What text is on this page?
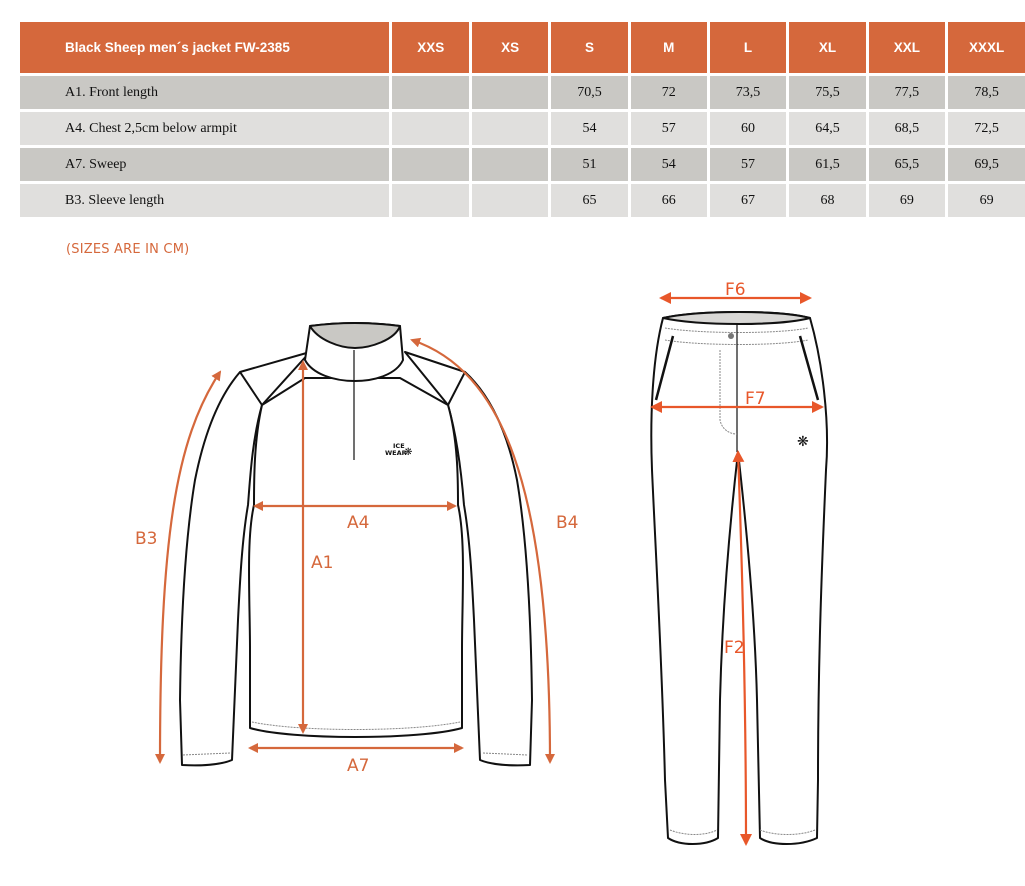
Black Sheep men´s jacket FW-2385	XXS	XS	S	M	L	XL	XXL	XXXL
A1. Front length			70,5	72	73,5	75,5	77,5	78,5
A4. Chest 2,5cm below armpit			54	57	60	64,5	68,5	72,5
A7. Sweep			51	54	57	61,5	65,5	69,5
B3. Sleeve length			65	66	67	68	69	69
(SIZES ARE IN CM)
ICE
WEAR
❋
A4
A1
A7
B3
B4
❋
F6
F7
F2
